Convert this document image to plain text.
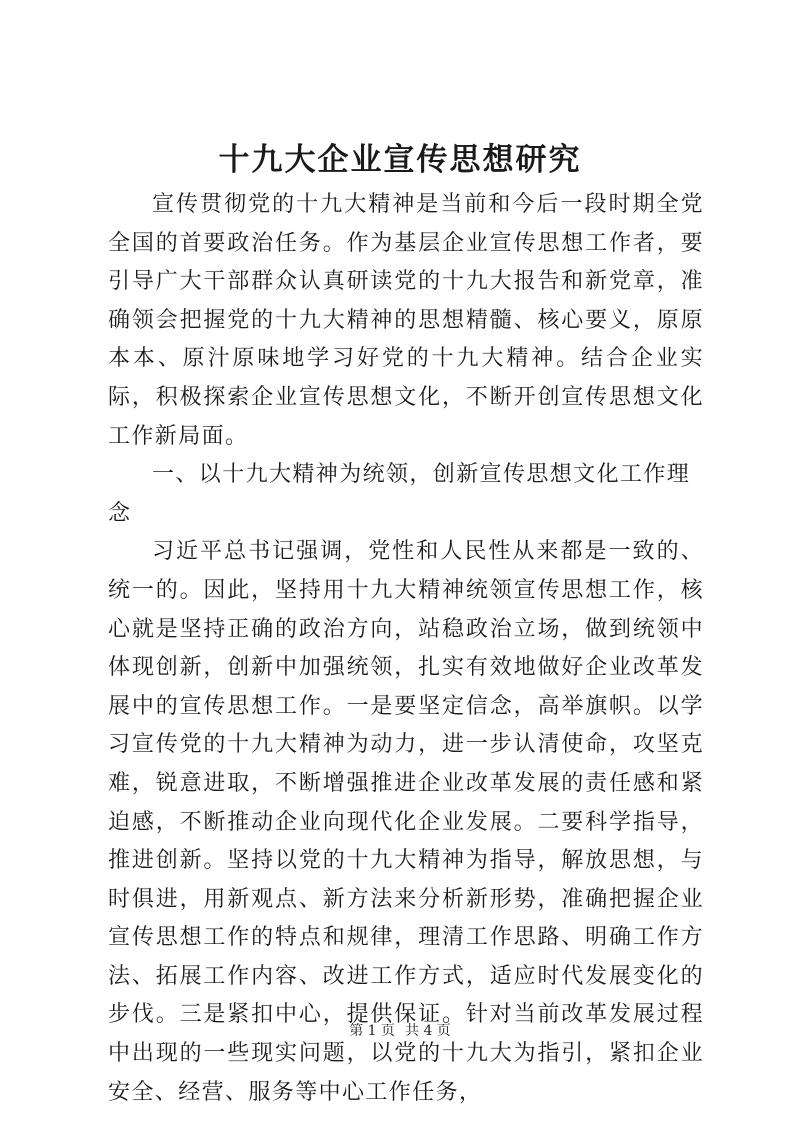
十九大企业宣传思想研究

宣传贯彻党的十九大精神是当前和今后一段时期全党全国的首要政治任务。作为基层企业宣传思想工作者，要引导广大干部群众认真研读党的十九大报告和新党章，准确领会把握党的十九大精神的思想精髓、核心要义，原原本本、原汁原味地学习好党的十九大精神。结合企业实际，积极探索企业宣传思想文化，不断开创宣传思想文化工作新局面。

一、以十九大精神为统领，创新宣传思想文化工作理念

习近平总书记强调，党性和人民性从来都是一致的、统一的。因此，坚持用十九大精神统领宣传思想工作，核心就是坚持正确的政治方向，站稳政治立场，做到统领中体现创新，创新中加强统领，扎实有效地做好企业改革发展中的宣传思想工作。一是要坚定信念，高举旗帜。以学习宣传党的十九大精神为动力，进一步认清使命，攻坚克难，锐意进取，不断增强推进企业改革发展的责任感和紧迫感，不断推动企业向现代化企业发展。二要科学指导，推进创新。坚持以党的十九大精神为指导，解放思想，与时俱进，用新观点、新方法来分析新形势，准确把握企业宣传思想工作的特点和规律，理清工作思路、明确工作方法、拓展工作内容、改进工作方式，适应时代发展变化的步伐。三是紧扣中心，提供保证。针对当前改革发展过程中出现的一些现实问题，以党的十九大为指引，紧扣企业安全、经营、服务等中心工作任务，

第 1 页 共 4 页
